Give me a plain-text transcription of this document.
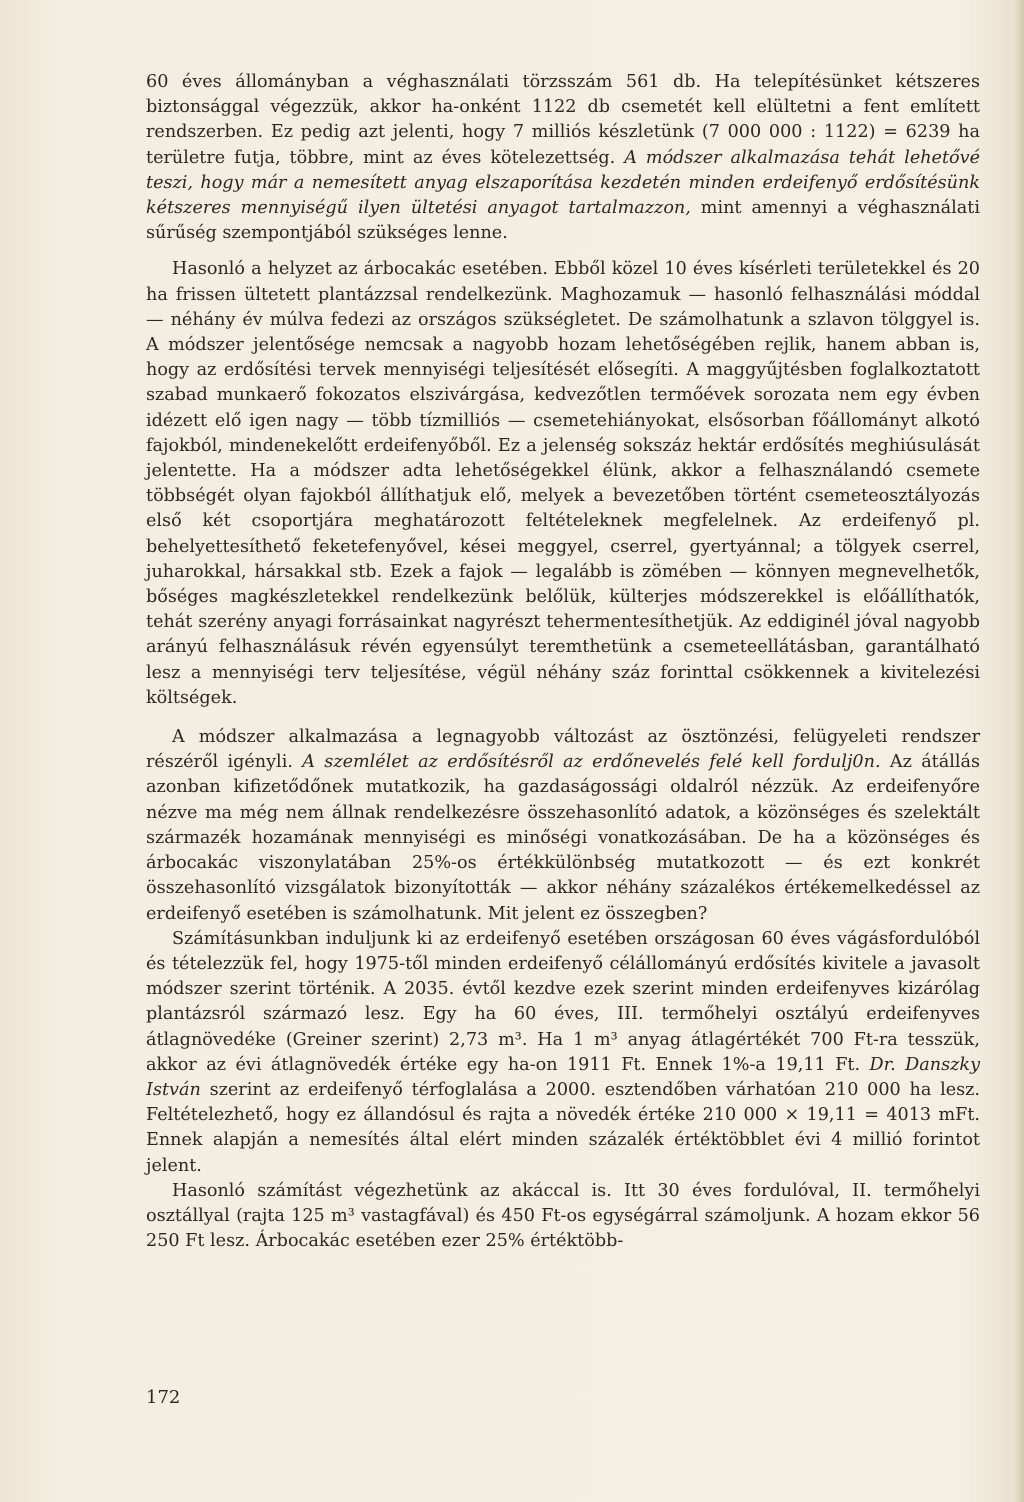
60 éves állományban a véghasználati törzsszám 561 db. Ha telepítésünket kétszeres biztonsággal végezzük, akkor ha-onként 1122 db csemetét kell elültetni a fent említett rendszerben. Ez pedig azt jelenti, hogy 7 milliós készletünk (7 000 000 : 1122) = 6239 ha területre futja, többre, mint az éves kötelezettség. A módszer alkalmazása tehát lehetővé teszi, hogy már a nemesített anyag elszaporítása kezdetén minden erdeifenyő erdősítésünk kétszeres mennyiségű ilyen ültetési anyagot tartalmazzon, mint amennyi a véghasználati sűrűség szempontjából szükséges lenne.

Hasonló a helyzet az árbocakác esetében. Ebből közel 10 éves kísérleti területekkel és 20 ha frissen ültetett plantázzsal rendelkezünk. Maghozamuk — hasonló felhasználási móddal — néhány év múlva fedezi az országos szükségletet. De számolhatunk a szlavon tölggyel is. A módszer jelentősége nemcsak a nagyobb hozam lehetőségében rejlik, hanem abban is, hogy az erdősítési tervek mennyiségi teljesítését elősegíti. A maggyűjtésben foglalkoztatott szabad munkaerő fokozatos elszivárgása, kedvezőtlen termőévek sorozata nem egy évben idézett elő igen nagy — több tízmilliós — csemetehiányokat, elsősorban főállományt alkotó fajokból, mindenekelőtt erdeifenyőből. Ez a jelenség sokszáz hektár erdősítés meghiúsulását jelentette. Ha a módszer adta lehetőségekkel élünk, akkor a felhasználandó csemete többségét olyan fajokból állíthatjuk elő, melyek a bevezetőben történt csemeteosztályozás első két csoportjára meghatározott feltételeknek megfelelnek. Az erdeifenyő pl. behelyettesíthető feketefenyővel, kései meggyel, cserrel, gyertyánnal; a tölgyek cserrel, juharokkal, hársakkal stb. Ezek a fajok — legalább is zömében — könnyen megnevelhetők, bőséges magkészletekkel rendelkezünk belőlük, külterjes módszerekkel is előállíthatók, tehát szerény anyagi forrásainkat nagyrészt tehermentesíthetjük. Az eddiginél jóval nagyobb arányú felhasználásuk révén egyensúlyt teremthetünk a csemeteellátásban, garantálható lesz a mennyiségi terv teljesítése, végül néhány száz forinttal csökkennek a kivitelezési költségek.

A módszer alkalmazása a legnagyobb változást az ösztönzési, felügyeleti rendszer részéről igényli. A szemlélet az erdősítésről az erdőnevelés felé kell fordulj0n. Az átállás azonban kifizetődőnek mutatkozik, ha gazdaságossági oldalról nézzük. Az erdeifenyőre nézve ma még nem állnak rendelkezésre összehasonlító adatok, a közönséges és szelektált származék hozamának mennyiségi es minőségi vonatkozásában. De ha a közönséges és árbocakác viszonylatában 25%-os értékkülönbség mutatkozott — és ezt konkrét összehasonlító vizsgálatok bizonyították — akkor néhány százalékos értékemelkedéssel az erdeifenyő esetében is számolhatunk. Mit jelent ez összegben?

Számításunkban induljunk ki az erdeifenyő esetében országosan 60 éves vágásfordulóból és tételezzük fel, hogy 1975-től minden erdeifenyő célállományú erdősítés kivitele a javasolt módszer szerint történik. A 2035. évtől kezdve ezek szerint minden erdeifenyves kizárólag plantázsról származó lesz. Egy ha 60 éves, III. termőhelyi osztályú erdeifenyves átlagnövedéke (Greiner szerint) 2,73 m³. Ha 1 m³ anyag átlagértékét 700 Ft-ra tesszük, akkor az évi átlagnövedék értéke egy ha-on 1911 Ft. Ennek 1%-a 19,11 Ft. Dr. Danszky István szerint az erdeifenyő térfoglalása a 2000. esztendőben várhatóan 210 000 ha lesz. Feltételezhető, hogy ez állandósul és rajta a növedék értéke 210 000 × 19,11 = 4013 mFt. Ennek alapján a nemesítés által elért minden százalék értéktöbblet évi 4 millió forintot jelent.

Hasonló számítást végezhetünk az akáccal is. Itt 30 éves fordulóval, II. termőhelyi osztállyal (rajta 125 m³ vastagfával) és 450 Ft-os egységárral számoljunk. A hozam ekkor 56 250 Ft lesz. Árbocakác esetében ezer 25% értéktöbb-

172
